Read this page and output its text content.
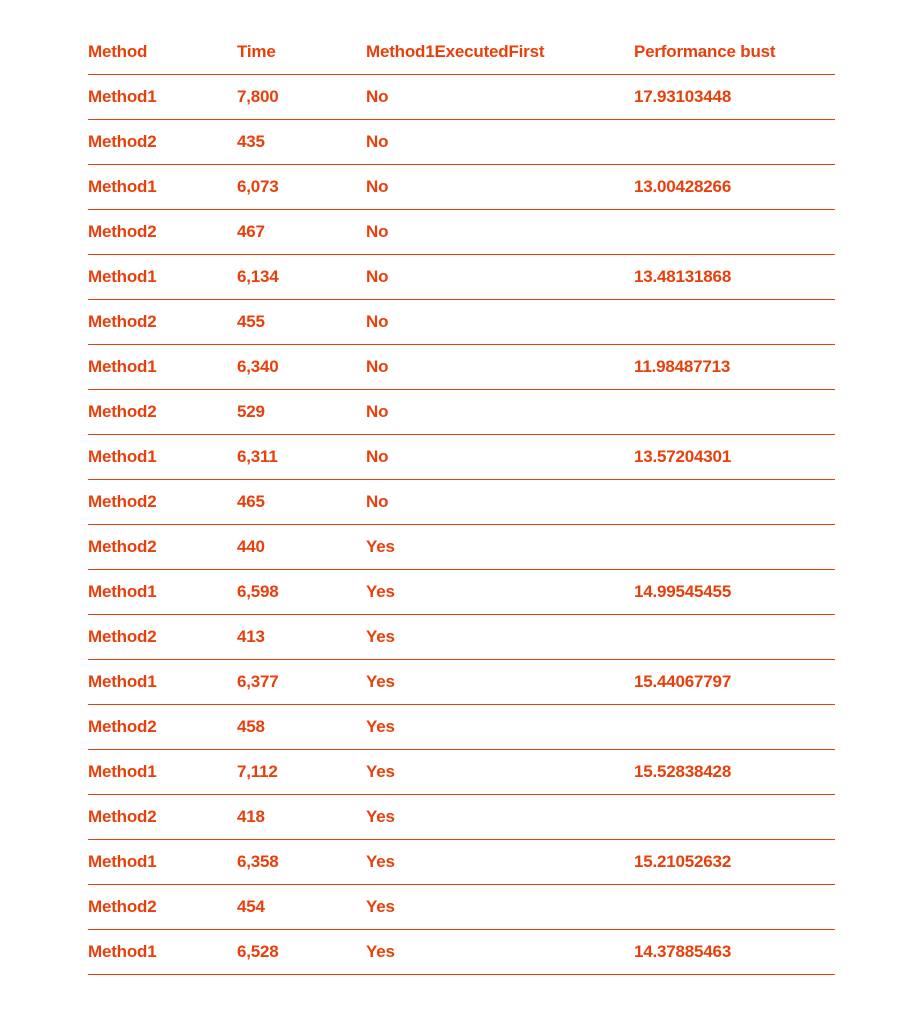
Method	Time	Method1ExecutedFirst	Performance bust
Method1	7,800	No	17.93103448
Method2	435	No
Method1	6,073	No	13.00428266
Method2	467	No
Method1	6,134	No	13.48131868
Method2	455	No
Method1	6,340	No	11.98487713
Method2	529	No
Method1	6,311	No	13.57204301
Method2	465	No
Method2	440	Yes
Method1	6,598	Yes	14.99545455
Method2	413	Yes
Method1	6,377	Yes	15.44067797
Method2	458	Yes
Method1	7,112	Yes	15.52838428
Method2	418	Yes
Method1	6,358	Yes	15.21052632
Method2	454	Yes
Method1	6,528	Yes	14.37885463
